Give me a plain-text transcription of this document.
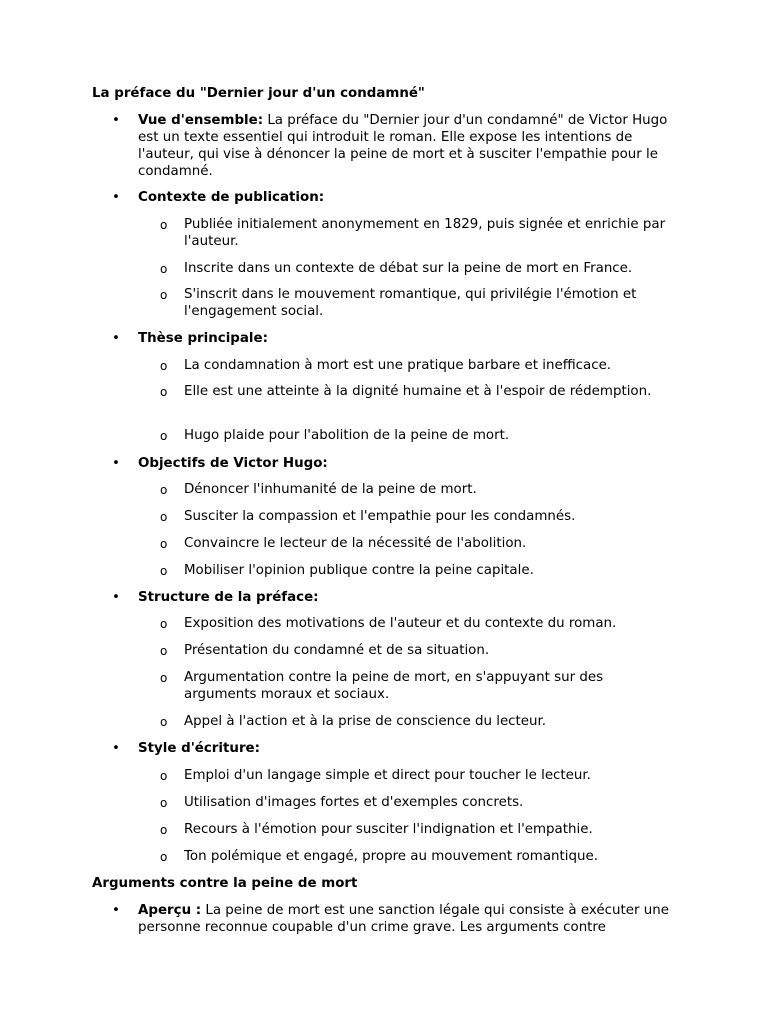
La préface du "Dernier jour d'un condamné"
• Vue d'ensemble: La préface du "Dernier jour d'un condamné" de Victor Hugo est un texte essentiel qui introduit le roman. Elle expose les intentions de l'auteur, qui vise à dénoncer la peine de mort et à susciter l'empathie pour le condamné.
• Contexte de publication:
o Publiée initialement anonymement en 1829, puis signée et enrichie par l'auteur.
o Inscrite dans un contexte de débat sur la peine de mort en France.
o S'inscrit dans le mouvement romantique, qui privilégie l'émotion et l'engagement social.
• Thèse principale:
o La condamnation à mort est une pratique barbare et inefficace.
o Elle est une atteinte à la dignité humaine et à l'espoir de rédemption.
o Hugo plaide pour l'abolition de la peine de mort.
• Objectifs de Victor Hugo:
o Dénoncer l'inhumanité de la peine de mort.
o Susciter la compassion et l'empathie pour les condamnés.
o Convaincre le lecteur de la nécessité de l'abolition.
o Mobiliser l'opinion publique contre la peine capitale.
• Structure de la préface:
o Exposition des motivations de l'auteur et du contexte du roman.
o Présentation du condamné et de sa situation.
o Argumentation contre la peine de mort, en s'appuyant sur des arguments moraux et sociaux.
o Appel à l'action et à la prise de conscience du lecteur.
• Style d'écriture:
o Emploi d'un langage simple et direct pour toucher le lecteur.
o Utilisation d'images fortes et d'exemples concrets.
o Recours à l'émotion pour susciter l'indignation et l'empathie.
o Ton polémique et engagé, propre au mouvement romantique.
Arguments contre la peine de mort
• Aperçu : La peine de mort est une sanction légale qui consiste à exécuter une personne reconnue coupable d'un crime grave. Les arguments contre
